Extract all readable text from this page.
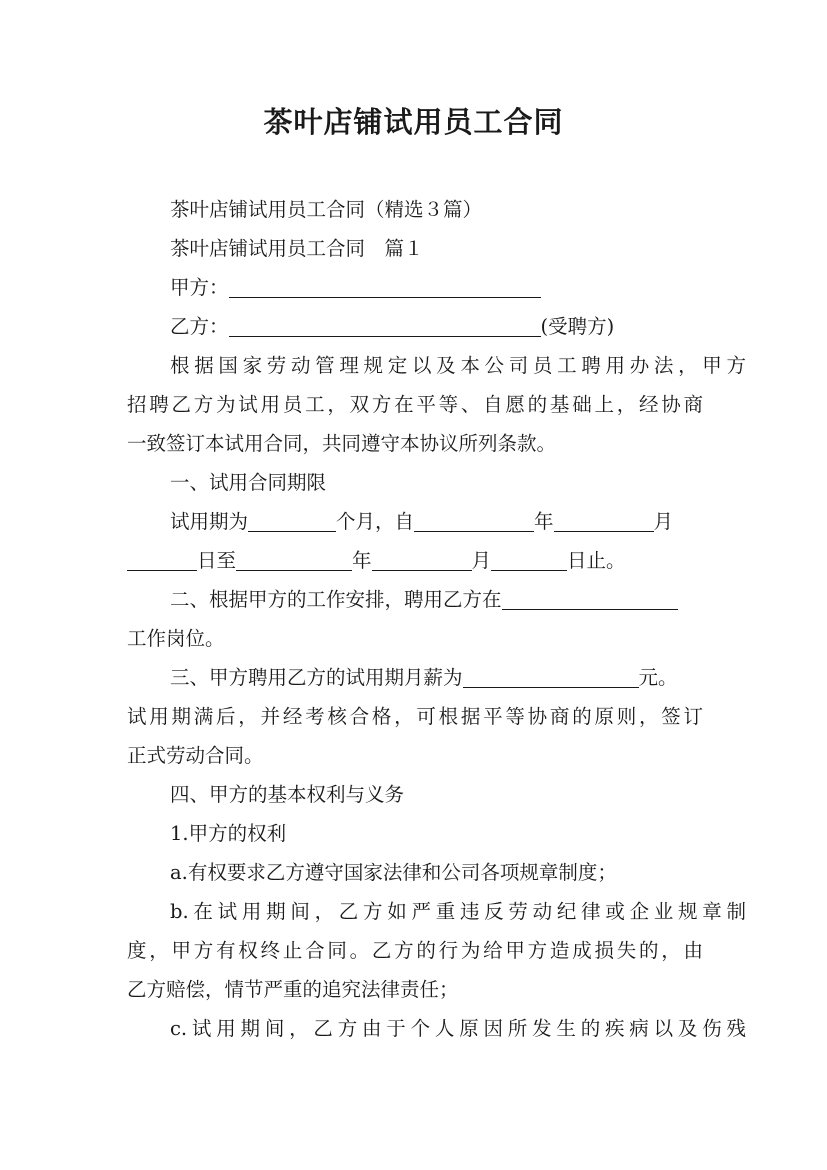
茶叶店铺试用员工合同
茶叶店铺试用员工合同（精选３篇）
茶叶店铺试用员工合同　篇１
甲方：
乙方：	(受聘方)
根据国家劳动管理规定以及本公司员工聘用办法，甲方
招聘乙方为试用员工，双方在平等、自愿的基础上，经协商
一致签订本试用合同，共同遵守本协议所列条款。
一、试用合同期限
试用期为	个月，自	年	月
日至	年	月	日止。
二、根据甲方的工作安排，聘用乙方在
工作岗位。
三、甲方聘用乙方的试用期月薪为	元。
试用期满后，并经考核合格，可根据平等协商的原则，签订
正式劳动合同。
四、甲方的基本权利与义务
1.甲方的权利
a.有权要求乙方遵守国家法律和公司各项规章制度；
b.在试用期间，乙方如严重违反劳动纪律或企业规章制
度，甲方有权终止合同。乙方的行为给甲方造成损失的，由
乙方赔偿，情节严重的追究法律责任；
c.试用期间，乙方由于个人原因所发生的疾病以及伤残
